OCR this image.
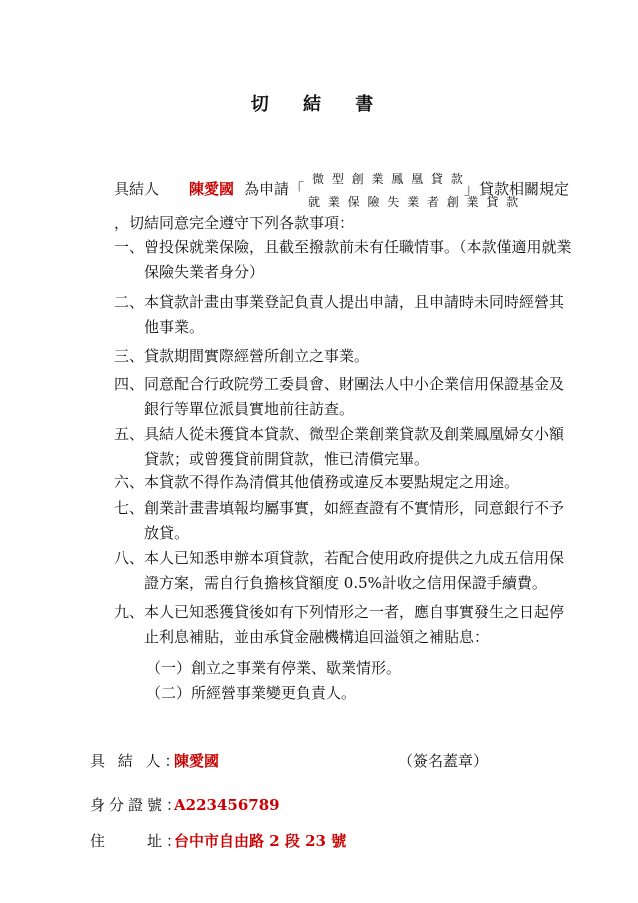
切 結 書
具結人 陳愛國 為申請「	」貸款相關規定
微 型 創 業 鳳 凰 貸 款
就 業 保 險 失 業 者 創 業 貸 款
，切結同意完全遵守下列各款事項：
一、 曾投保就業保險，且截至撥款前未有任職情事。（本款僅適用就業保險失業者身分）
二、 本貸款計畫由事業登記負責人提出申請，且申請時未同時經營其他事業。
三、 貸款期間實際經營所創立之事業。
四、 同意配合行政院勞工委員會、財團法人中小企業信用保證基金及銀行等單位派員實地前往訪查。
五、 具結人從未獲貸本貸款、微型企業創業貸款及創業鳳凰婦女小額貸款；或曾獲貸前開貸款，惟已清償完畢。
六、 本貸款不得作為清償其他債務或違反本要點規定之用途。
七、 創業計畫書填報均屬事實，如經查證有不實情形，同意銀行不予放貸。
八、 本人已知悉申辦本項貸款，若配合使用政府提供之九成五信用保證方案，需自行負擔核貸額度 0.5%計收之信用保證手續費。
九、 本人已知悉獲貸後如有下列情形之一者，應自事實發生之日起停止利息補貼，並由承貸金融機構追回溢領之補貼息：
（一）創立之事業有停業、歇業情形。
（二）所經營事業變更負責人。
具 結 人：陳愛國	（簽名蓋章）
身分證號：A223456789
住　　址：台中市自由路 2 段 23 號
